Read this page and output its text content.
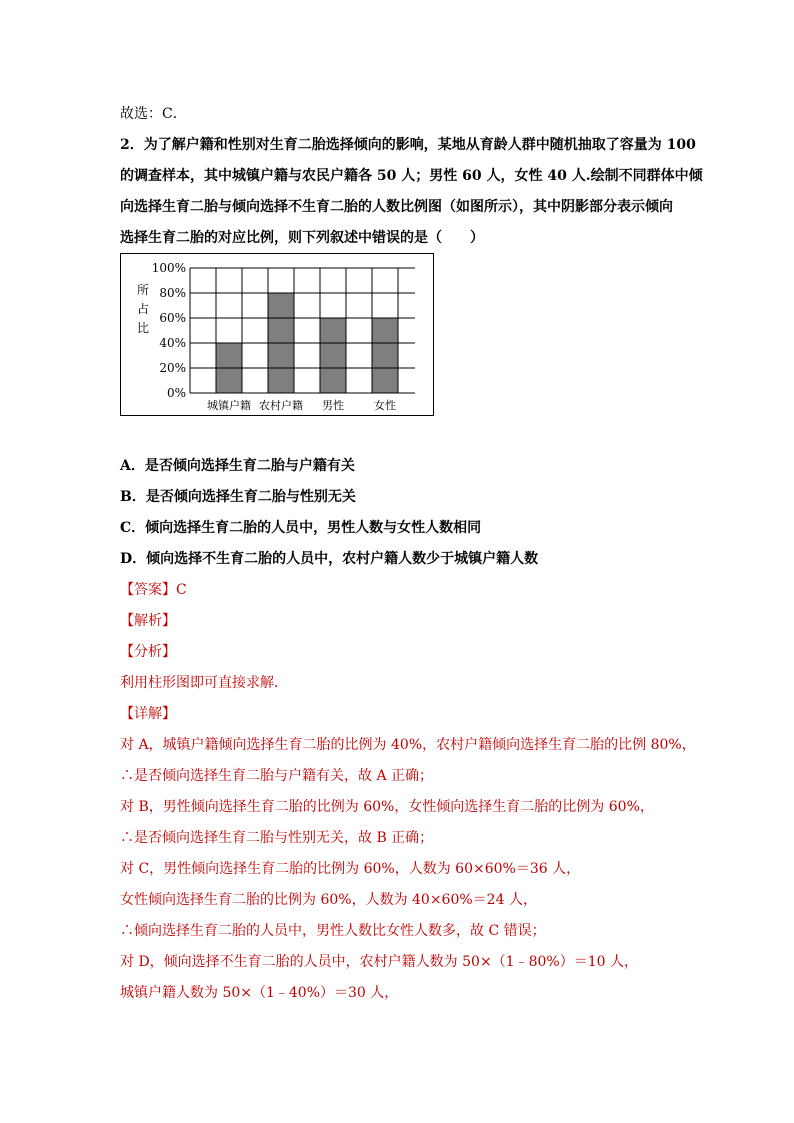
故选：C．
2．为了解户籍和性别对生育二胎选择倾向的影响，某地从育龄人群中随机抽取了容量为 100
的调查样本，其中城镇户籍与农民户籍各 50 人；男性 60 人，女性 40 人.绘制不同群体中倾
向选择生育二胎与倾向选择不生育二胎的人数比例图（如图所示），其中阴影部分表示倾向
选择生育二胎的对应比例，则下列叙述中错误的是（　　）
所
占
比
100%
80%
60%
40%
20%
0%
城镇户籍 农村户籍 男性	女性
A．是否倾向选择生育二胎与户籍有关
B．是否倾向选择生育二胎与性别无关
C．倾向选择生育二胎的人员中，男性人数与女性人数相同
D．倾向选择不生育二胎的人员中，农村户籍人数少于城镇户籍人数
【答案】C
【解析】
【分析】
利用柱形图即可直接求解．
【详解】
对 A，城镇户籍倾向选择生育二胎的比例为 40%，农村户籍倾向选择生育二胎的比例 80%，
∴是否倾向选择生育二胎与户籍有关，故 A 正确；
对 B，男性倾向选择生育二胎的比例为 60%，女性倾向选择生育二胎的比例为 60%，
∴是否倾向选择生育二胎与性别无关，故 B 正确；
对 C，男性倾向选择生育二胎的比例为 60%，人数为 60×60%＝36 人，
女性倾向选择生育二胎的比例为 60%，人数为 40×60%＝24 人，
∴倾向选择生育二胎的人员中，男性人数比女性人数多，故 C 错误；
对 D，倾向选择不生育二胎的人员中，农村户籍人数为 50×（1﹣80%）＝10 人，
城镇户籍人数为 50×（1﹣40%）＝30 人，
